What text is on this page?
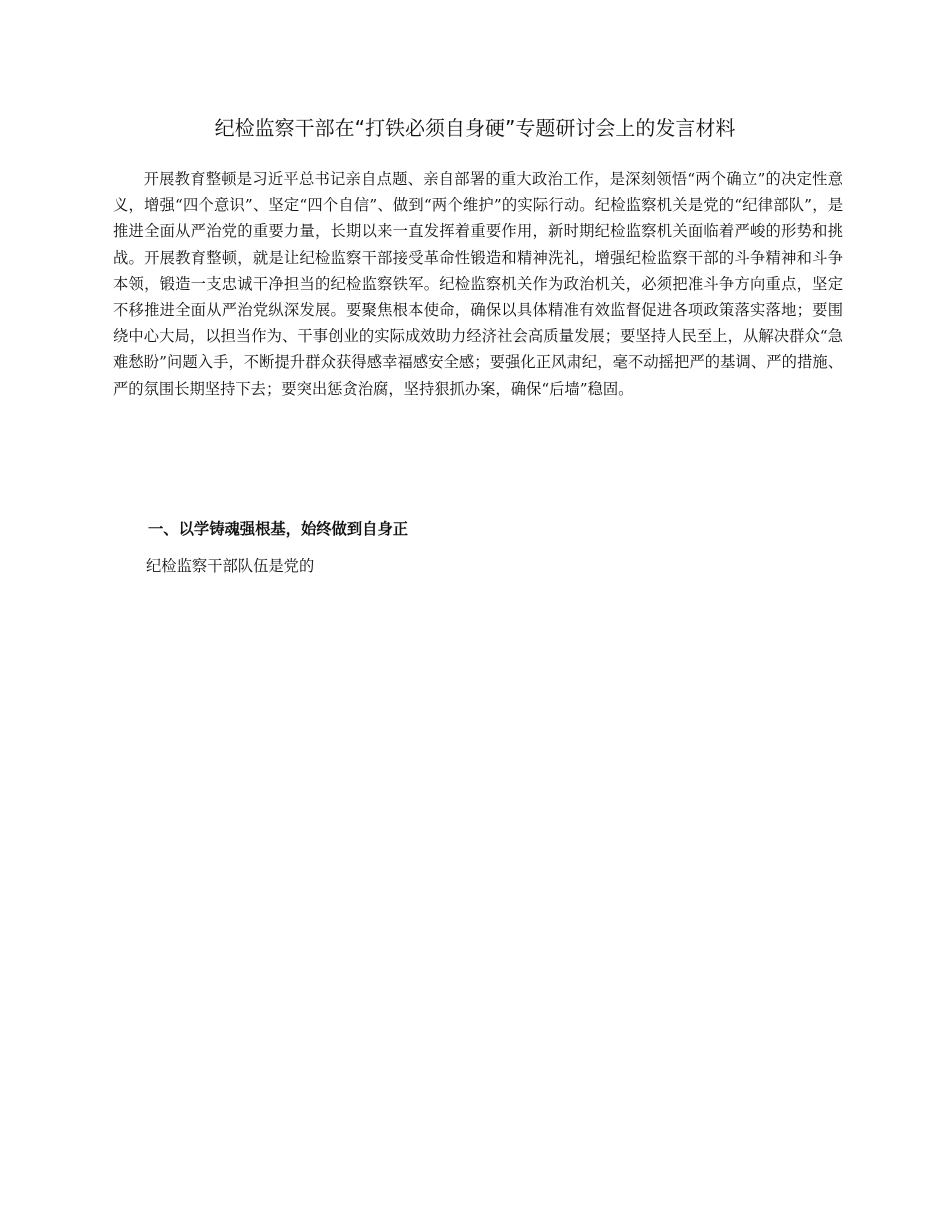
纪检监察干部在“打铁必须自身硬”专题研讨会上的发言材料

开展教育整顿是习近平总书记亲自点题、亲自部署的重大政治工作，是深刻领悟“两个确立”的决定性意义，增强“四个意识”、坚定“四个自信”、做到“两个维护”的实际行动。纪检监察机关是党的“纪律部队”，是推进全面从严治党的重要力量，长期以来一直发挥着重要作用，新时期纪检监察机关面临着严峻的形势和挑战。开展教育整顿，就是让纪检监察干部接受革命性锻造和精神洗礼，增强纪检监察干部的斗争精神和斗争本领，锻造一支忠诚干净担当的纪检监察铁军。纪检监察机关作为政治机关，必须把准斗争方向重点，坚定不移推进全面从严治党纵深发展。要聚焦根本使命，确保以具体精准有效监督促进各项政策落实落地；要围绕中心大局，以担当作为、干事创业的实际成效助力经济社会高质量发展；要坚持人民至上，从解决群众“急难愁盼”问题入手，不断提升群众获得感幸福感安全感；要强化正风肃纪，毫不动摇把严的基调、严的措施、严的氛围长期坚持下去；要突出惩贪治腐，坚持狠抓办案，确保“后墙”稳固。

一、以学铸魂强根基，始终做到自身正

纪检监察干部队伍是党的
